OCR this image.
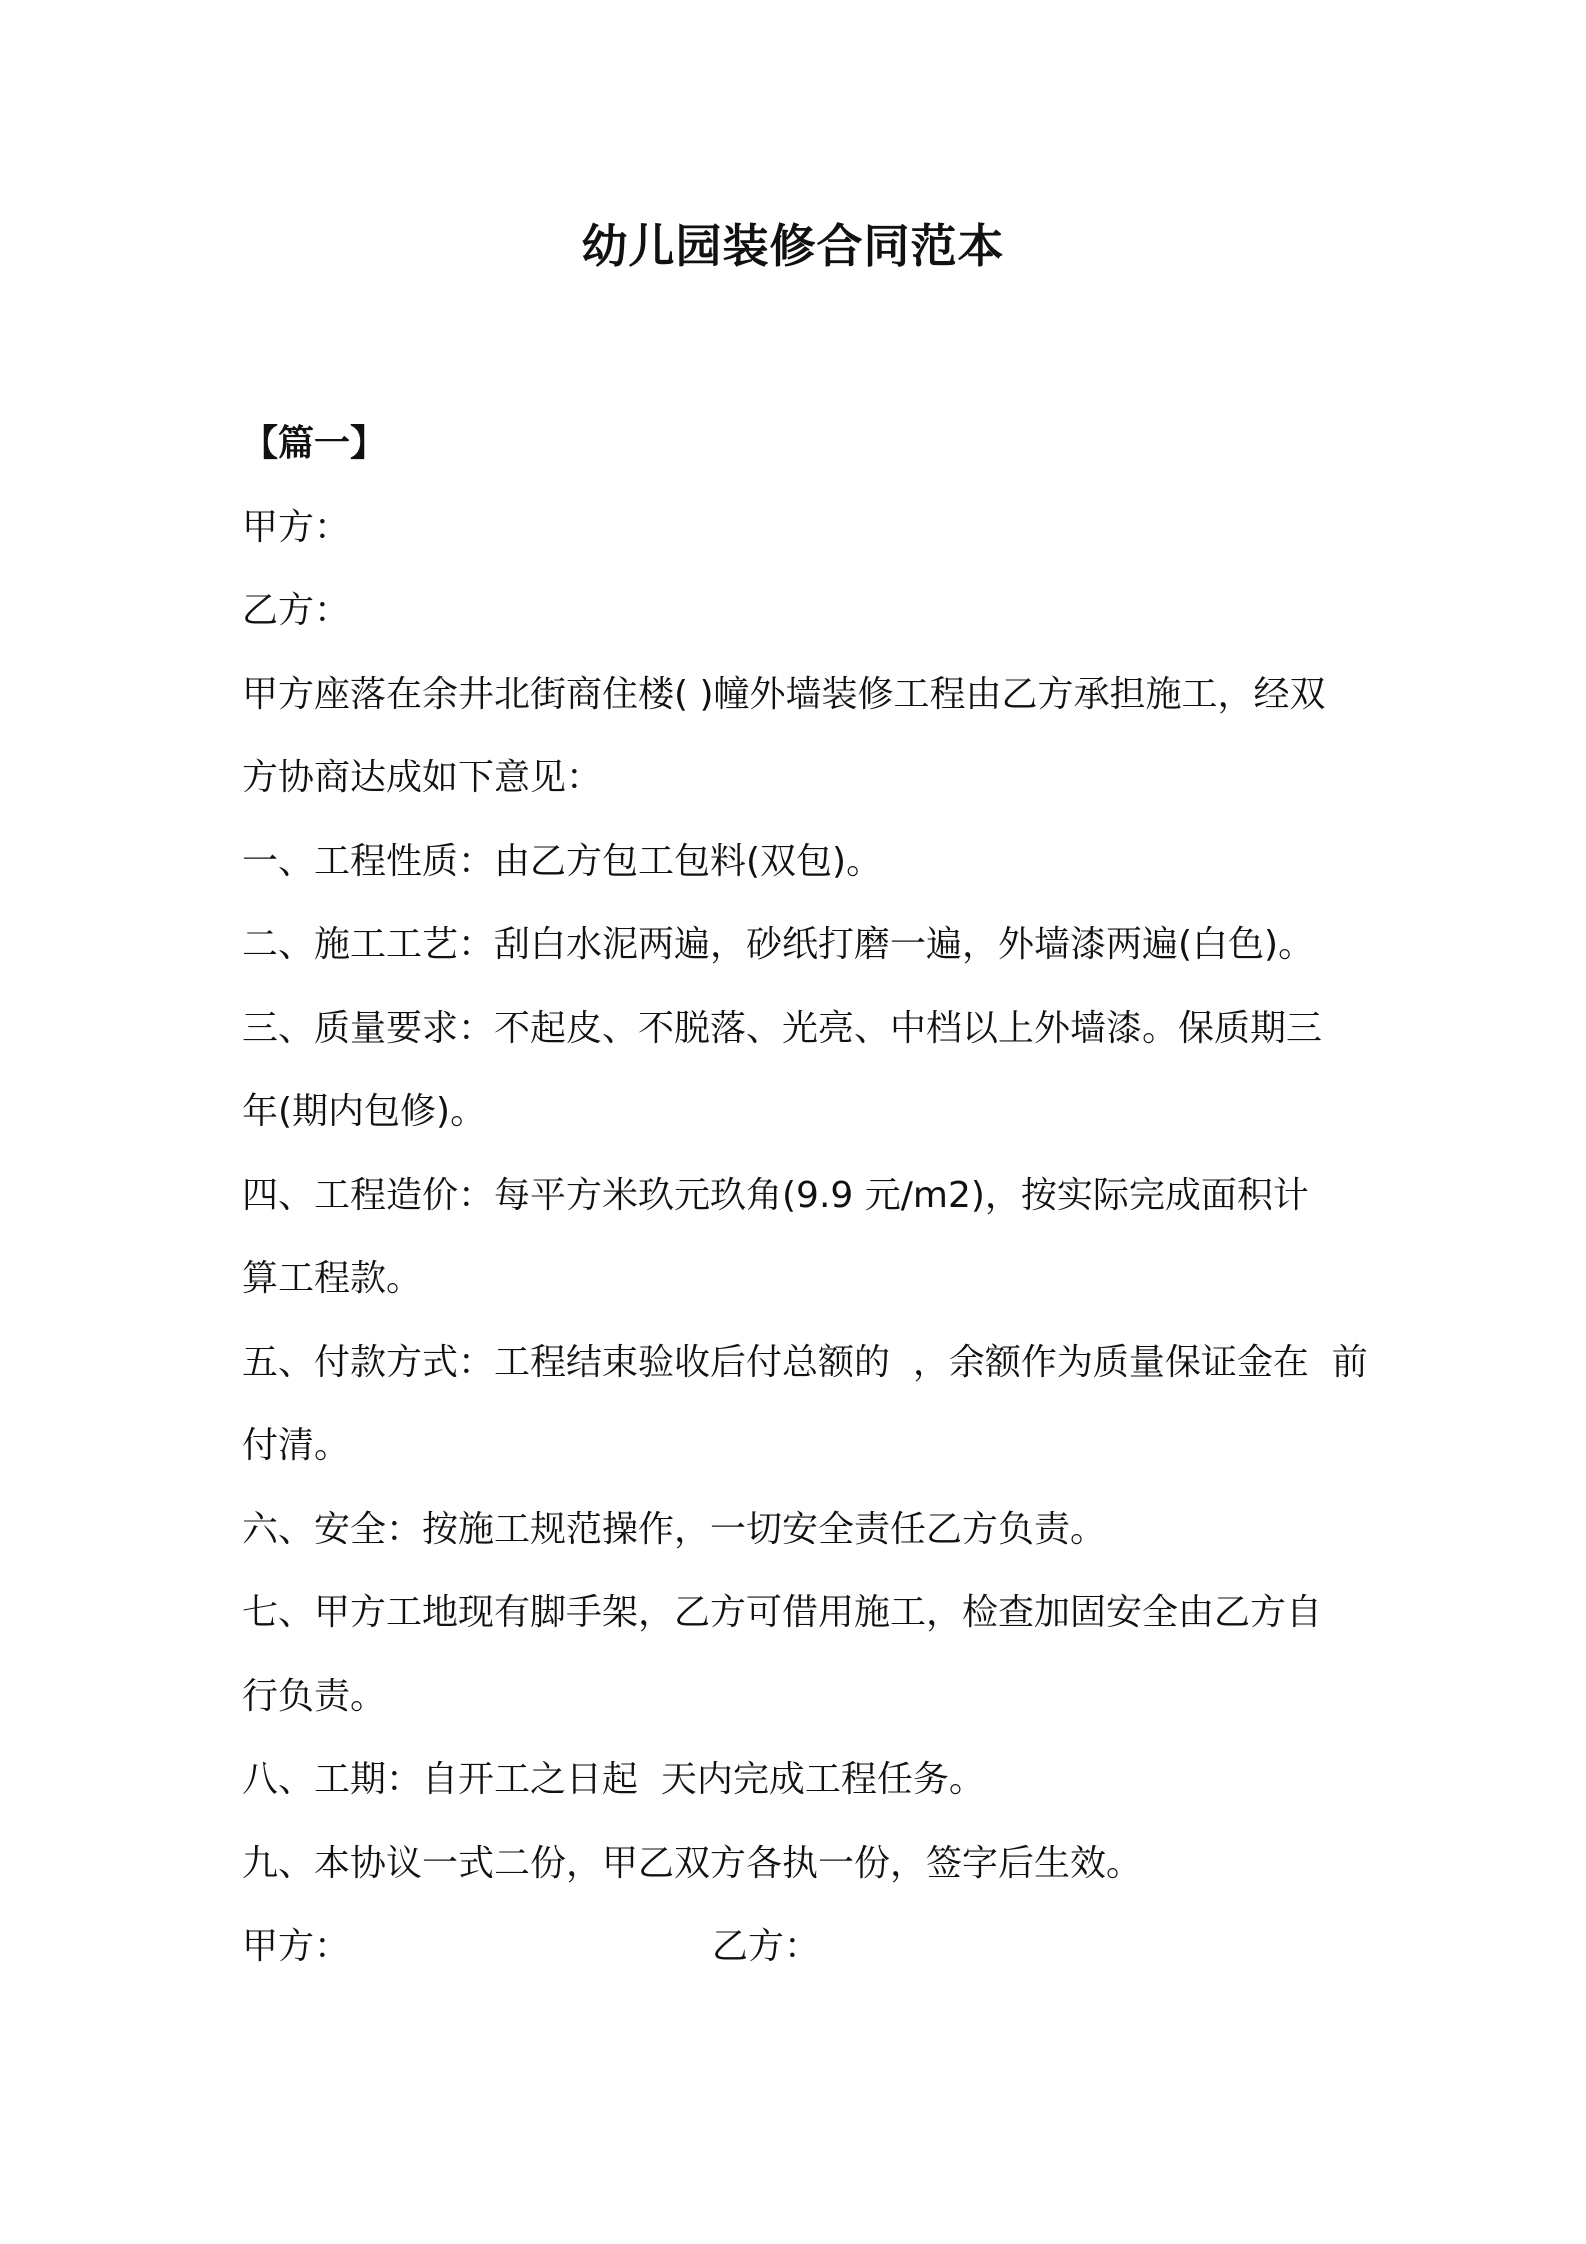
幼儿园装修合同范本
【篇一】
甲方：
乙方：
甲方座落在余井北街商住楼( )幢外墙装修工程由乙方承担施工，经双
方协商达成如下意见：
一、工程性质：由乙方包工包料(双包)。
二、施工工艺：刮白水泥两遍，砂纸打磨一遍，外墙漆两遍(白色)。
三、质量要求：不起皮、不脱落、光亮、中档以上外墙漆。保质期三
年(期内包修)。
四、工程造价：每平方米玖元玖角(9.9 元/m2)，按实际完成面积计
算工程款。
五、付款方式：工程结束验收后付总额的  ，余额作为质量保证金在  前
付清。
六、安全：按施工规范操作，一切安全责任乙方负责。
七、甲方工地现有脚手架，乙方可借用施工，检查加固安全由乙方自
行负责。
八、工期：自开工之日起  天内完成工程任务。
九、本协议一式二份，甲乙双方各执一份，签字后生效。
甲方：	乙方：
